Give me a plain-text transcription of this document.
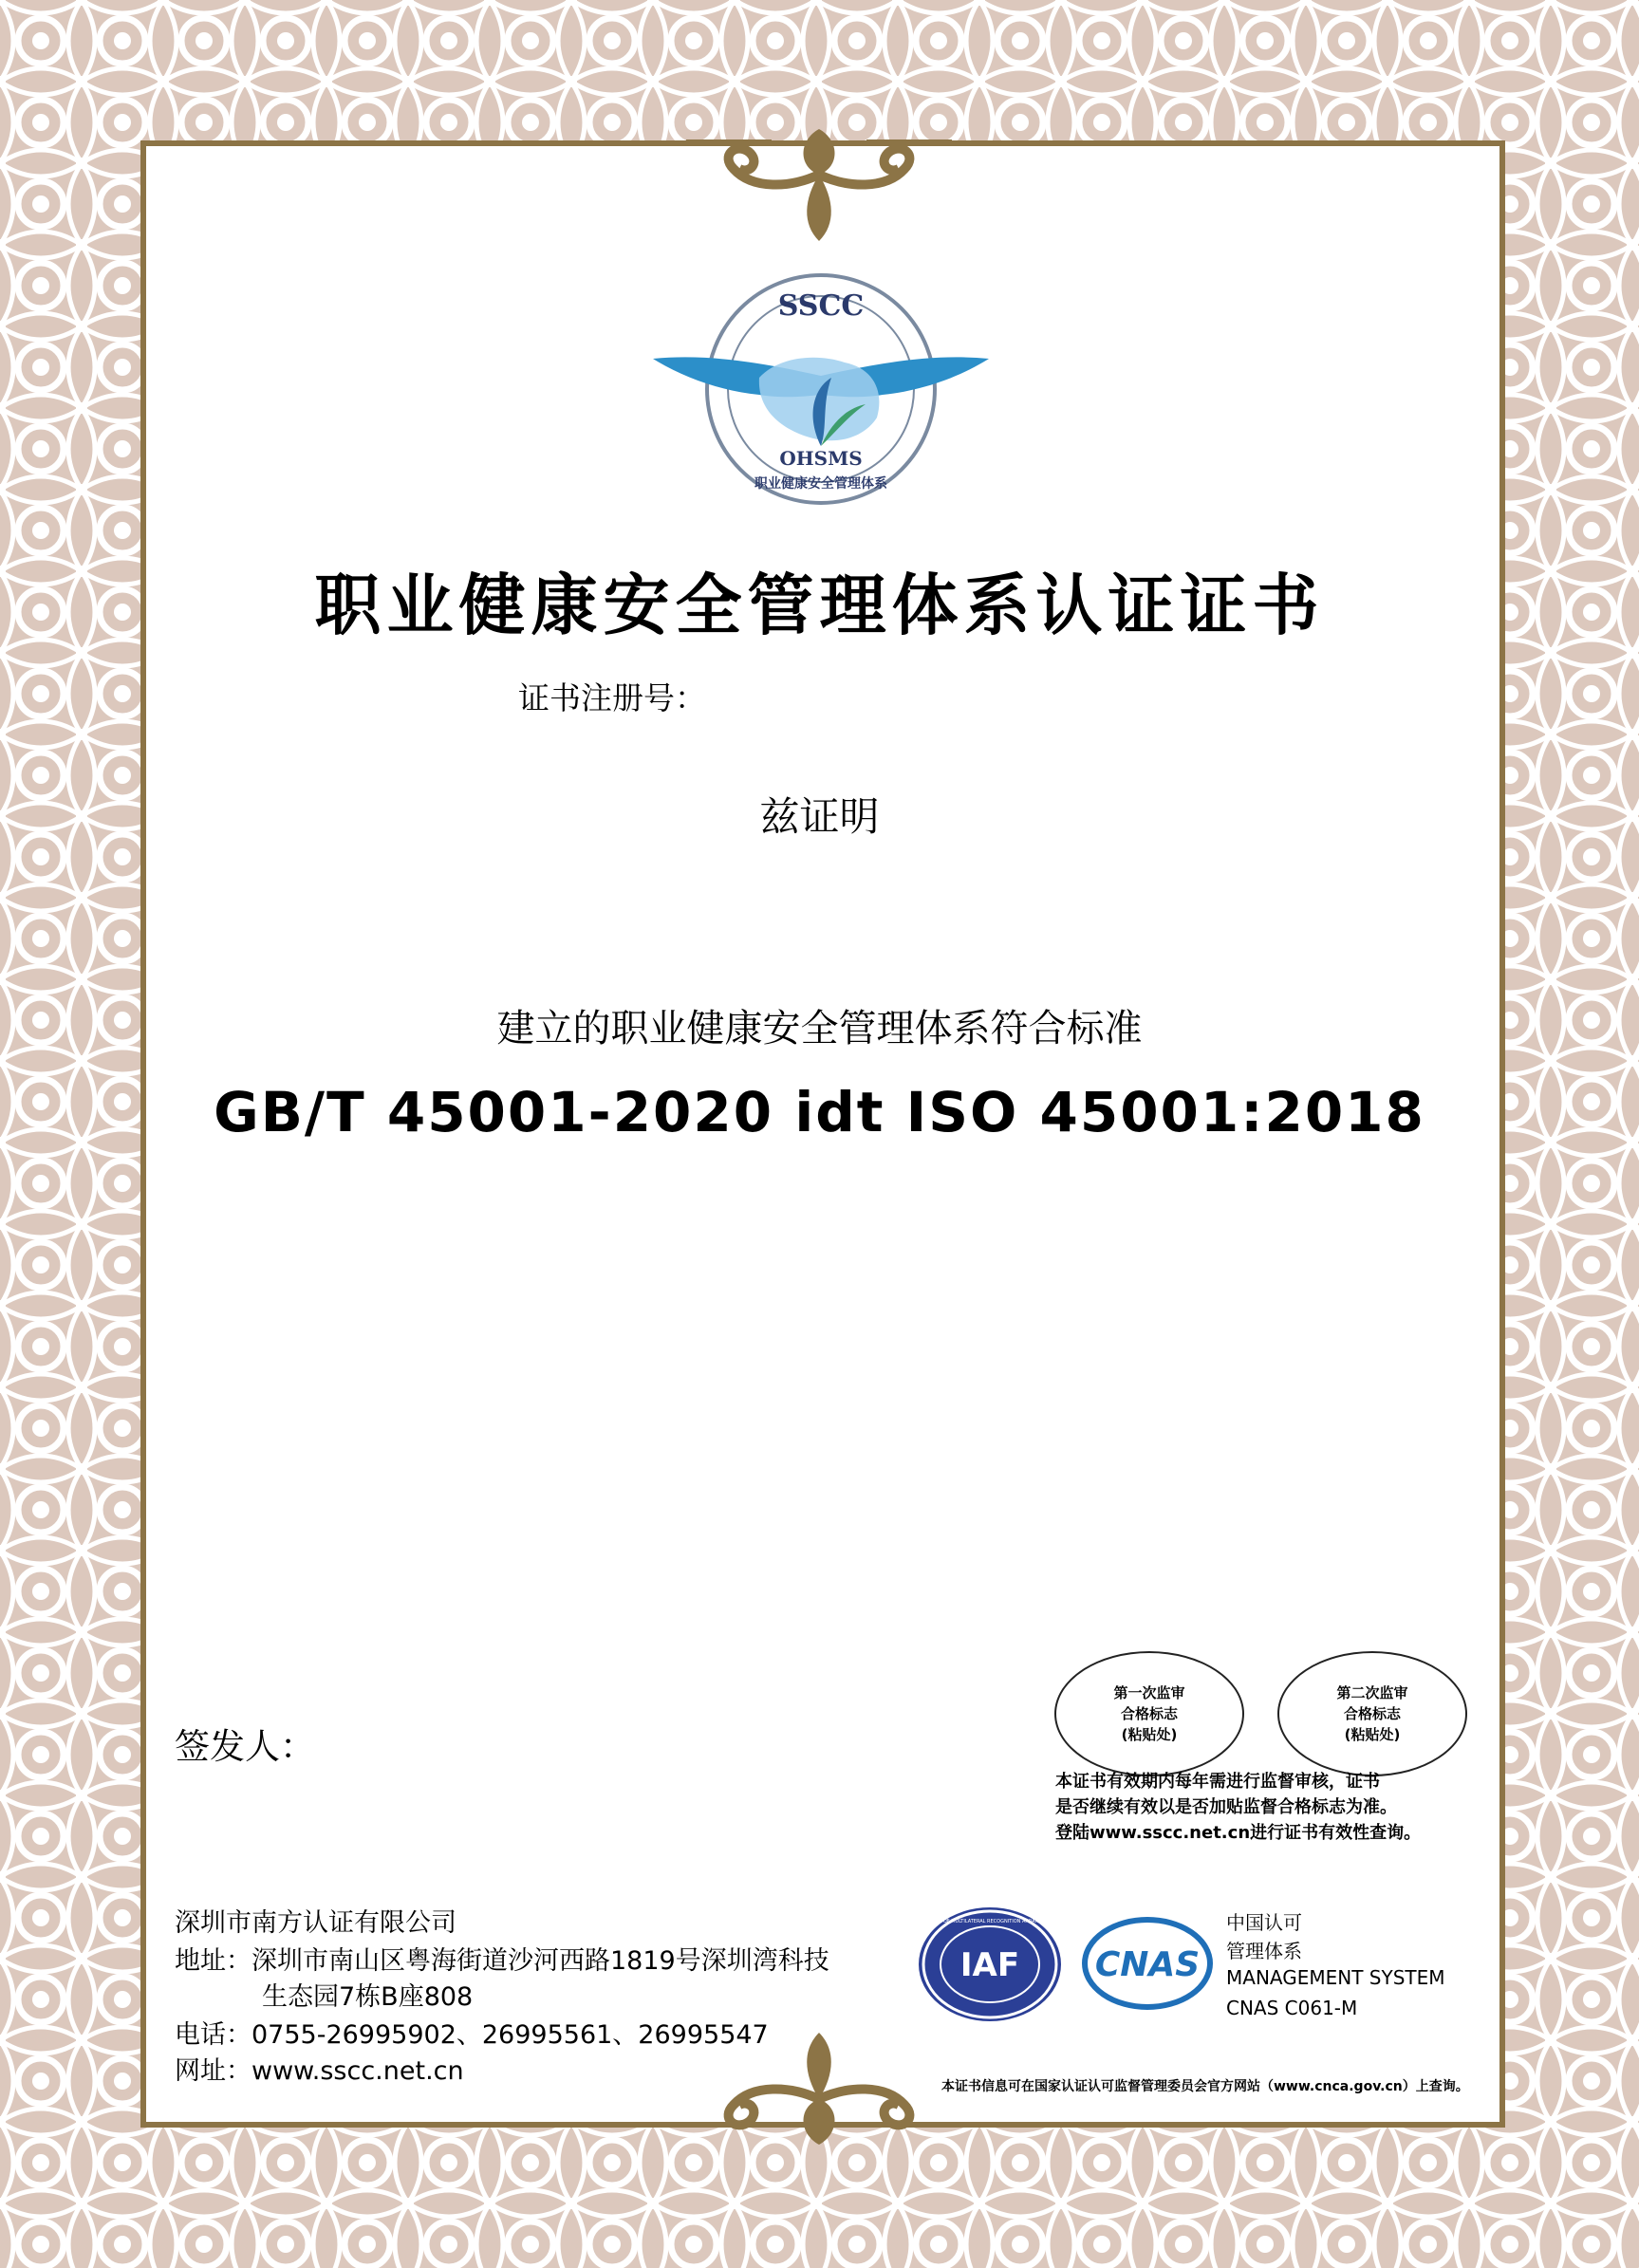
SSCC
OHSMS
职业健康安全管理体系
职业健康安全管理体系认证证书
证书注册号：
兹证明
建立的职业健康安全管理体系符合标准
GB/T 45001-2020 idt ISO 45001:2018
签发人：
第一次监审
合格标志
(粘贴处)
第二次监审
合格标志
(粘贴处)
本证书有效期内每年需进行监督审核，证书
是否继续有效以是否加贴监督合格标志为准。
登陆www.sscc.net.cn进行证书有效性查询。
深圳市南方认证有限公司
地址：深圳市南山区粤海街道沙河西路1819号深圳湾科技
生态园7栋B座808
电话：0755-26995902、26995561、26995547
网址：www.sscc.net.cn
IAF
MEMBER OF MULTILATERAL RECOGNITION ARRANGEMENT
CNAS
中国认可
管理体系
MANAGEMENT SYSTEM
CNAS C061-M
本证书信息可在国家认证认可监督管理委员会官方网站（www.cnca.gov.cn）上查询。
